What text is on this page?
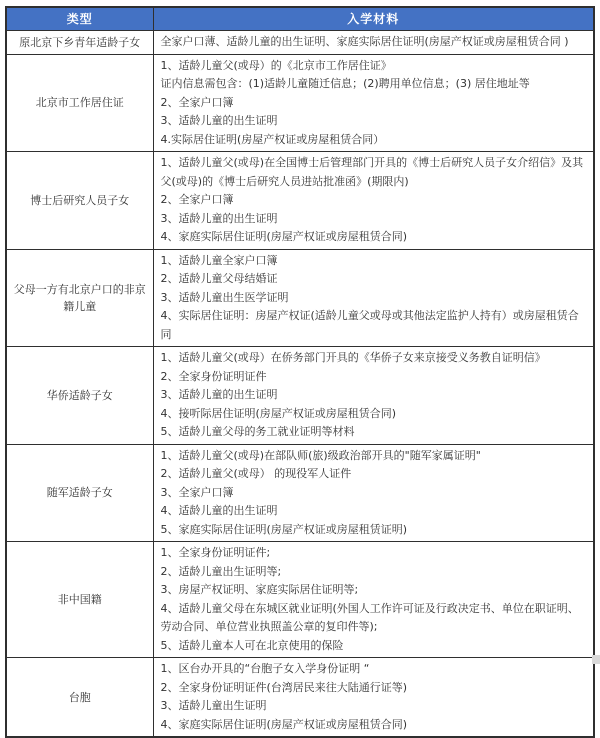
类型	入学材料
原北京下乡青年适龄子女	全家户口薄、适龄儿童的出生证明、家庭实际居住证明(房屋产权证或房屋租赁合同 )

北京市工作居住证	1、适龄儿童父(或母）的《北京市工作居住证》
证内信息需包含：(1)适龄儿童随迁信息；(2)聘用单位信息；(3) 居住地址等
2、全家户口簿
3、适龄儿童的出生证明
4.实际居住证明(房屋产权证或房屋租赁合同）

博士后研究人员子女	1、适龄儿童父(或母)在全国博士后管理部门开具的《博士后研究人员子女介绍信》及其父(或母)的《博士后研究人员进站批准函》(期限内)
2、全家户口簿
3、适龄儿童的出生证明
4、家庭实际居住证明(房屋产权证或房屋租赁合同)

父母一方有北京户口的非京籍儿童	1、适龄儿童全家户口簿
2、适龄儿童父母结婚证
3、适龄儿童出生医学证明
4、实际居住证明：房屋产权证(适龄儿童父或母或其他法定监护人持有）或房屋租赁合同

华侨适龄子女	1、适龄儿童父(或母）在侨务部门开具的《华侨子女来京接受义务教自证明信》
2、全家身份证明证件
3、适龄儿童的出生证明
4、接听际居住证明(房屋产权证或房屋租赁合同)
5、适龄儿童父母的务工就业证明等材料

随军适龄子女	1、适龄儿童父(或母)在部队师(旅)级政治部开具的"随军家属证明"
2、适龄儿童父(或母） 的现役军人证件
3、全家户口簿
4、适龄儿童的出生证明
5、家庭实际居住证明(房屋产权证或房屋租赁证明)

非中国籍	1、全家身份证明证件;
2、适龄儿童出生证明等;
3、房屋产权证明、家庭实际居住证明等;
4、适龄儿童父母在东城区就业证明(外国人工作许可证及行政决定书、单位在职证明、劳动合同、单位营业执照盖公章的复印件等);
5、适龄儿童本人可在北京使用的保险

台胞	1、区台办开具的“台胞子女入学身份证明 “
2、全家身份证明证件(台湾居民来往大陆通行证等)
3、适龄儿童出生证明
4、家庭实际居住证明(房屋产权证或房屋租赁合同)
